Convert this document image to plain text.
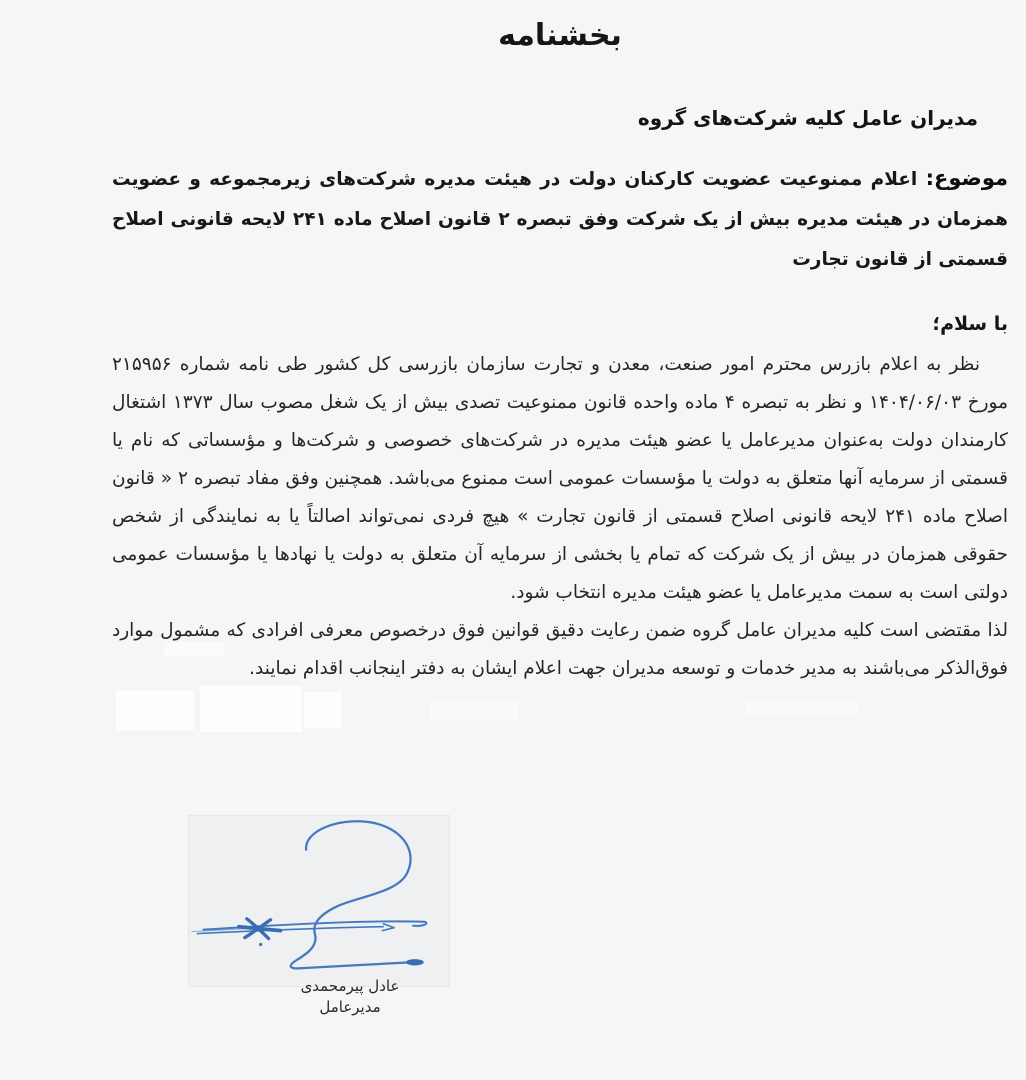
بخشنامه
مدیران عامل کلیه شرکت‌های گروه

موضوع: اعلام ممنوعیت عضویت کارکنان دولت در هیئت مدیره شرکت‌های زیرمجموعه و عضویت همزمان در هیئت مدیره بیش از یک شرکت وفق تبصره ۲ قانون اصلاح ماده ۲۴۱ لایحه قانونی اصلاح قسمتی از قانون تجارت

با سلام؛

نظر به اعلام بازرس محترم امور صنعت، معدن و تجارت سازمان بازرسی کل کشور طی نامه شماره ۲۱۵۹۵۶ مورخ ۱۴۰۴/۰۶/۰۳ و نظر به تبصره ۴ ماده واحده قانون ممنوعیت تصدی بیش از یک شغل مصوب سال ۱۳۷۳ اشتغال کارمندان دولت به‌عنوان مدیرعامل یا عضو هیئت مدیره در شرکت‌های خصوصی و شرکت‌ها و مؤسساتی که نام یا قسمتی از سرمایه آنها متعلق به دولت یا مؤسسات عمومی است ممنوع می‌باشد. همچنین وفق مفاد تبصره ۲ « قانون اصلاح ماده ۲۴۱ لایحه قانونی اصلاح قسمتی از قانون تجارت » هیچ فردی نمی‌تواند اصالتاً یا به نمایندگی از شخص حقوقی همزمان در بیش از یک شرکت که تمام یا بخشی از سرمایه آن متعلق به دولت یا نهادها یا مؤسسات عمومی دولتی است به سمت مدیرعامل یا عضو هیئت مدیره انتخاب شود.

لذا مقتضی است کلیه مدیران عامل گروه ضمن رعایت دقیق قوانین فوق درخصوص معرفی افرادی که مشمول موارد فوق‌الذکر می‌باشند به مدیر خدمات و توسعه مدیران جهت اعلام ایشان به دفتر اینجانب اقدام نمایند.

عادل پیرمحمدی
مدیرعامل
